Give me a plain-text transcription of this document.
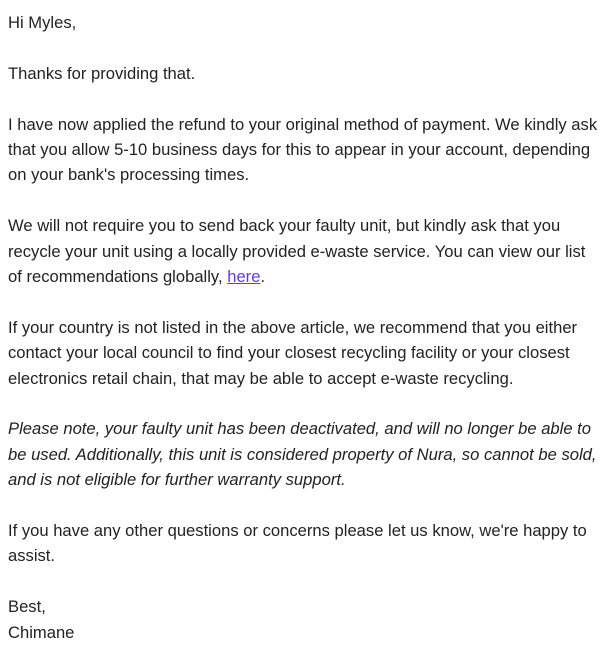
Hi Myles,

Thanks for providing that.

I have now applied the refund to your original method of payment. We kindly ask that you allow 5-10 business days for this to appear in your account, depending on your bank's processing times.

We will not require you to send back your faulty unit, but kindly ask that you recycle your unit using a locally provided e-waste service. You can view our list of recommendations globally, here.

If your country is not listed in the above article, we recommend that you either contact your local council to find your closest recycling facility or your closest electronics retail chain, that may be able to accept e-waste recycling.

Please note, your faulty unit has been deactivated, and will no longer be able to be used. Additionally, this unit is considered property of Nura, so cannot be sold, and is not eligible for further warranty support.

If you have any other questions or concerns please let us know, we're happy to assist.

Best,

Chimane
